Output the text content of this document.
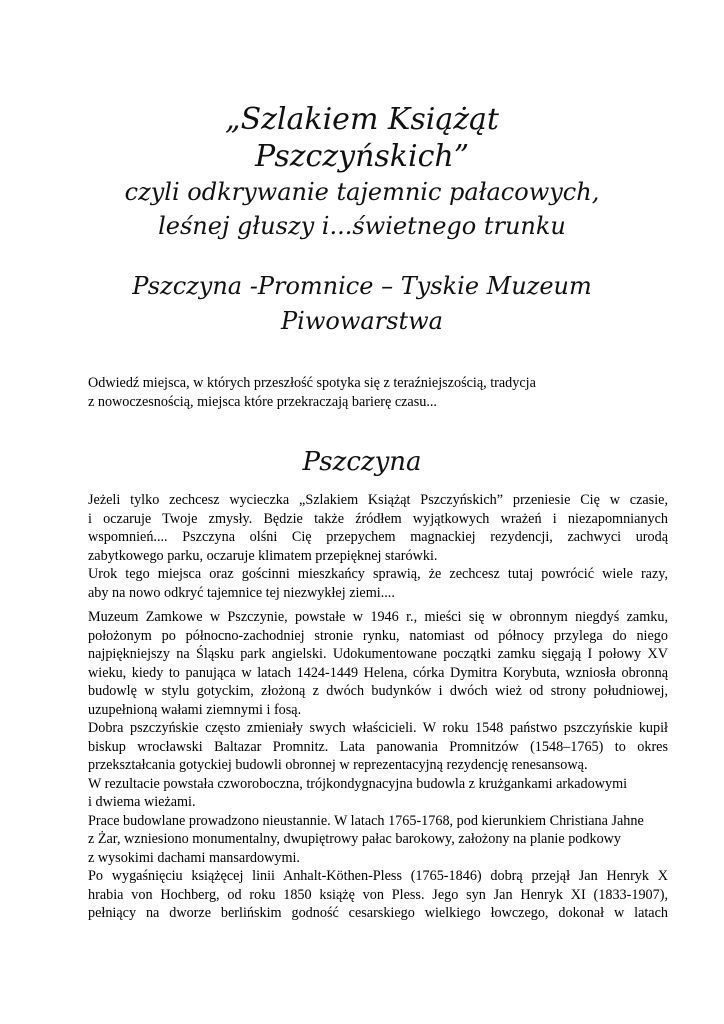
„Szlakiem Książąt
Pszczyńskich”
czyli odkrywanie tajemnic pałacowych,
leśnej głuszy i...świetnego trunku
Pszczyna -Promnice – Tyskie Muzeum
Piwowarstwa
Odwiedź miejsca, w których przeszłość spotyka się z teraźniejszością, tradycja
z nowoczesnością, miejsca które przekraczają barierę czasu...
Pszczyna
Jeżeli tylko zechcesz wycieczka „Szlakiem Książąt Pszczyńskich” przeniesie Cię w czasie,
i oczaruje Twoje zmysły. Będzie także źródłem wyjątkowych wrażeń i niezapomnianych
wspomnień.... Pszczyna olśni Cię przepychem magnackiej rezydencji, zachwyci urodą
zabytkowego parku, oczaruje klimatem przepięknej starówki.
Urok tego miejsca oraz gościnni mieszkańcy sprawią, że zechcesz tutaj powrócić wiele razy,
aby na nowo odkryć tajemnice tej niezwykłej ziemi....
Muzeum Zamkowe w Pszczynie, powstałe w 1946 r., mieści się w obronnym niegdyś zamku,
położonym po północno-zachodniej stronie rynku, natomiast od północy przylega do niego
najpiękniejszy na Śląsku park angielski. Udokumentowane początki zamku sięgają I połowy XV
wieku, kiedy to panująca w latach 1424-1449 Helena, córka Dymitra Korybuta, wzniosła obronną
budowlę w stylu gotyckim, złożoną z dwóch budynków i dwóch wież od strony południowej,
uzupełnioną wałami ziemnymi i fosą.
Dobra pszczyńskie często zmieniały swych właścicieli. W roku 1548 państwo pszczyńskie kupił
biskup wrocławski Baltazar Promnitz. Lata panowania Promnitzów (1548–1765) to okres
przekształcania gotyckiej budowli obronnej w reprezentacyjną rezydencję renesansową.
W rezultacie powstała czworoboczna, trójkondygnacyjna budowla z krużgankami arkadowymi
i dwiema wieżami.
Prace budowlane prowadzono nieustannie. W latach 1765-1768, pod kierunkiem Christiana Jahne
z Żar, wzniesiono monumentalny, dwupiętrowy pałac barokowy, założony na planie podkowy
z wysokimi dachami mansardowymi.
Po wygaśnięciu książęcej linii Anhalt-Köthen-Pless (1765-1846) dobrą przejął Jan Henryk X
hrabia von Hochberg, od roku 1850 książę von Pless. Jego syn Jan Henryk XI (1833-1907),
pełniący na dworze berlińskim godność cesarskiego wielkiego łowczego, dokonał w latach
